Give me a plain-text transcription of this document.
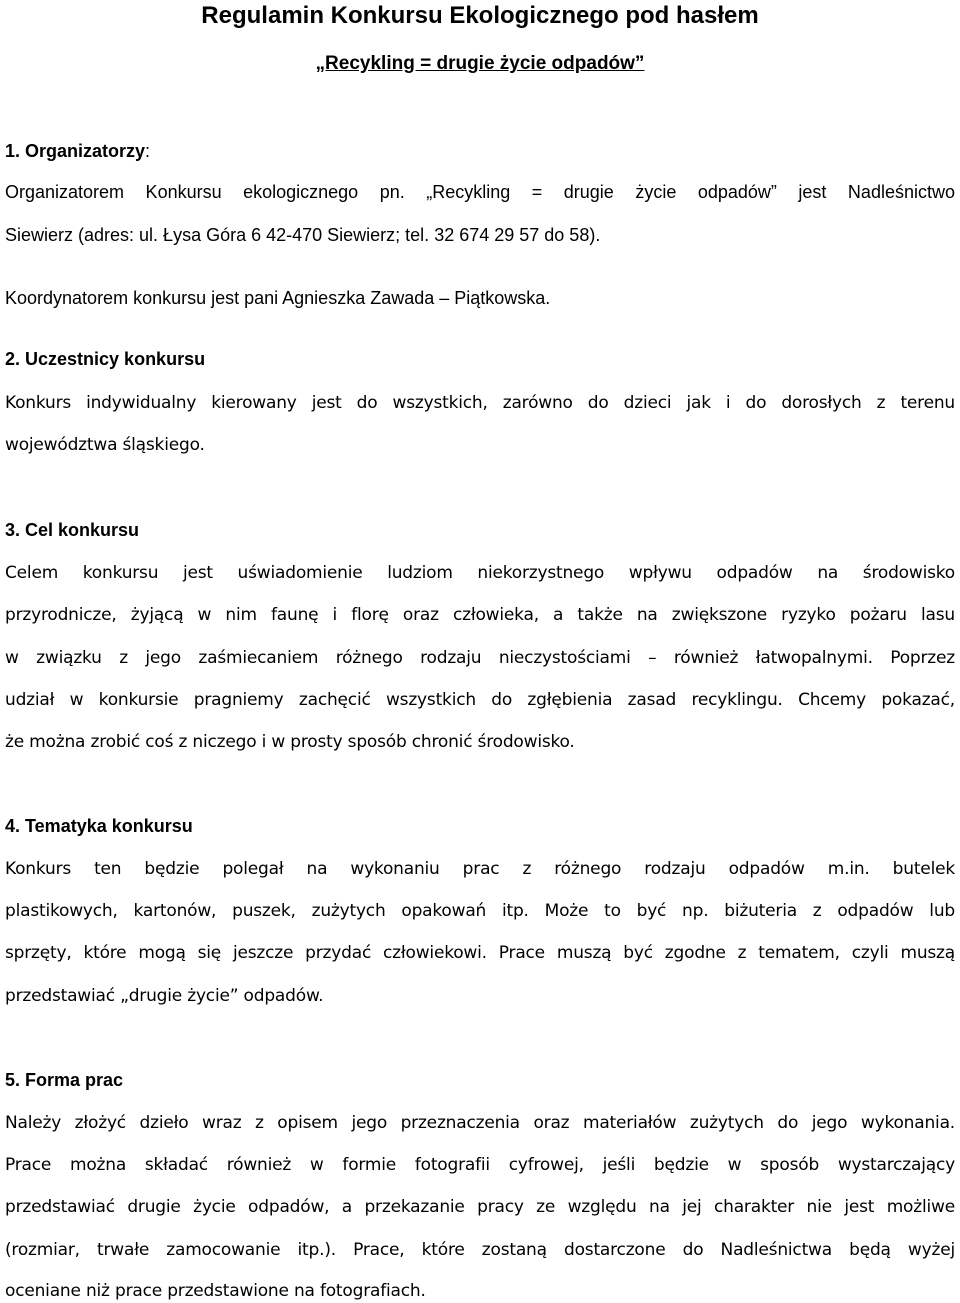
Regulamin Konkursu Ekologicznego pod hasłem
„Recykling = drugie życie odpadów”
1. Organizatorzy:
Organizatorem Konkursu ekologicznego pn. „Recykling = drugie życie odpadów” jest Nadleśnictwo
Siewierz (adres: ul. Łysa Góra 6 42-470 Siewierz; tel. 32 674 29 57 do 58).
Koordynatorem konkursu jest pani Agnieszka Zawada – Piątkowska.
2. Uczestnicy konkursu
Konkurs indywidualny kierowany jest do wszystkich, zarówno do dzieci jak i do dorosłych z terenu
województwa śląskiego.
3. Cel konkursu
Celem konkursu jest uświadomienie ludziom niekorzystnego wpływu odpadów na środowisko
przyrodnicze, żyjącą w nim faunę i florę oraz człowieka, a także na zwiększone ryzyko pożaru lasu
w związku z jego zaśmiecaniem różnego rodzaju nieczystościami – również łatwopalnymi. Poprzez
udział w konkursie pragniemy zachęcić wszystkich do zgłębienia zasad recyklingu. Chcemy pokazać,
że można zrobić coś z niczego i w prosty sposób chronić środowisko.
4. Tematyka konkursu
Konkurs ten będzie polegał na wykonaniu prac z różnego rodzaju odpadów m.in. butelek
plastikowych, kartonów, puszek, zużytych opakowań itp. Może to być np. biżuteria z odpadów lub
sprzęty, które mogą się jeszcze przydać człowiekowi. Prace muszą być zgodne z tematem, czyli muszą
przedstawiać „drugie życie” odpadów.
5. Forma prac
Należy złożyć dzieło wraz z opisem jego przeznaczenia oraz materiałów zużytych do jego wykonania.
Prace można składać również w formie fotografii cyfrowej, jeśli będzie w sposób wystarczający
przedstawiać drugie życie odpadów, a przekazanie pracy ze względu na jej charakter nie jest możliwe
(rozmiar, trwałe zamocowanie itp.). Prace, które zostaną dostarczone do Nadleśnictwa będą wyżej
oceniane niż prace przedstawione na fotografiach.
